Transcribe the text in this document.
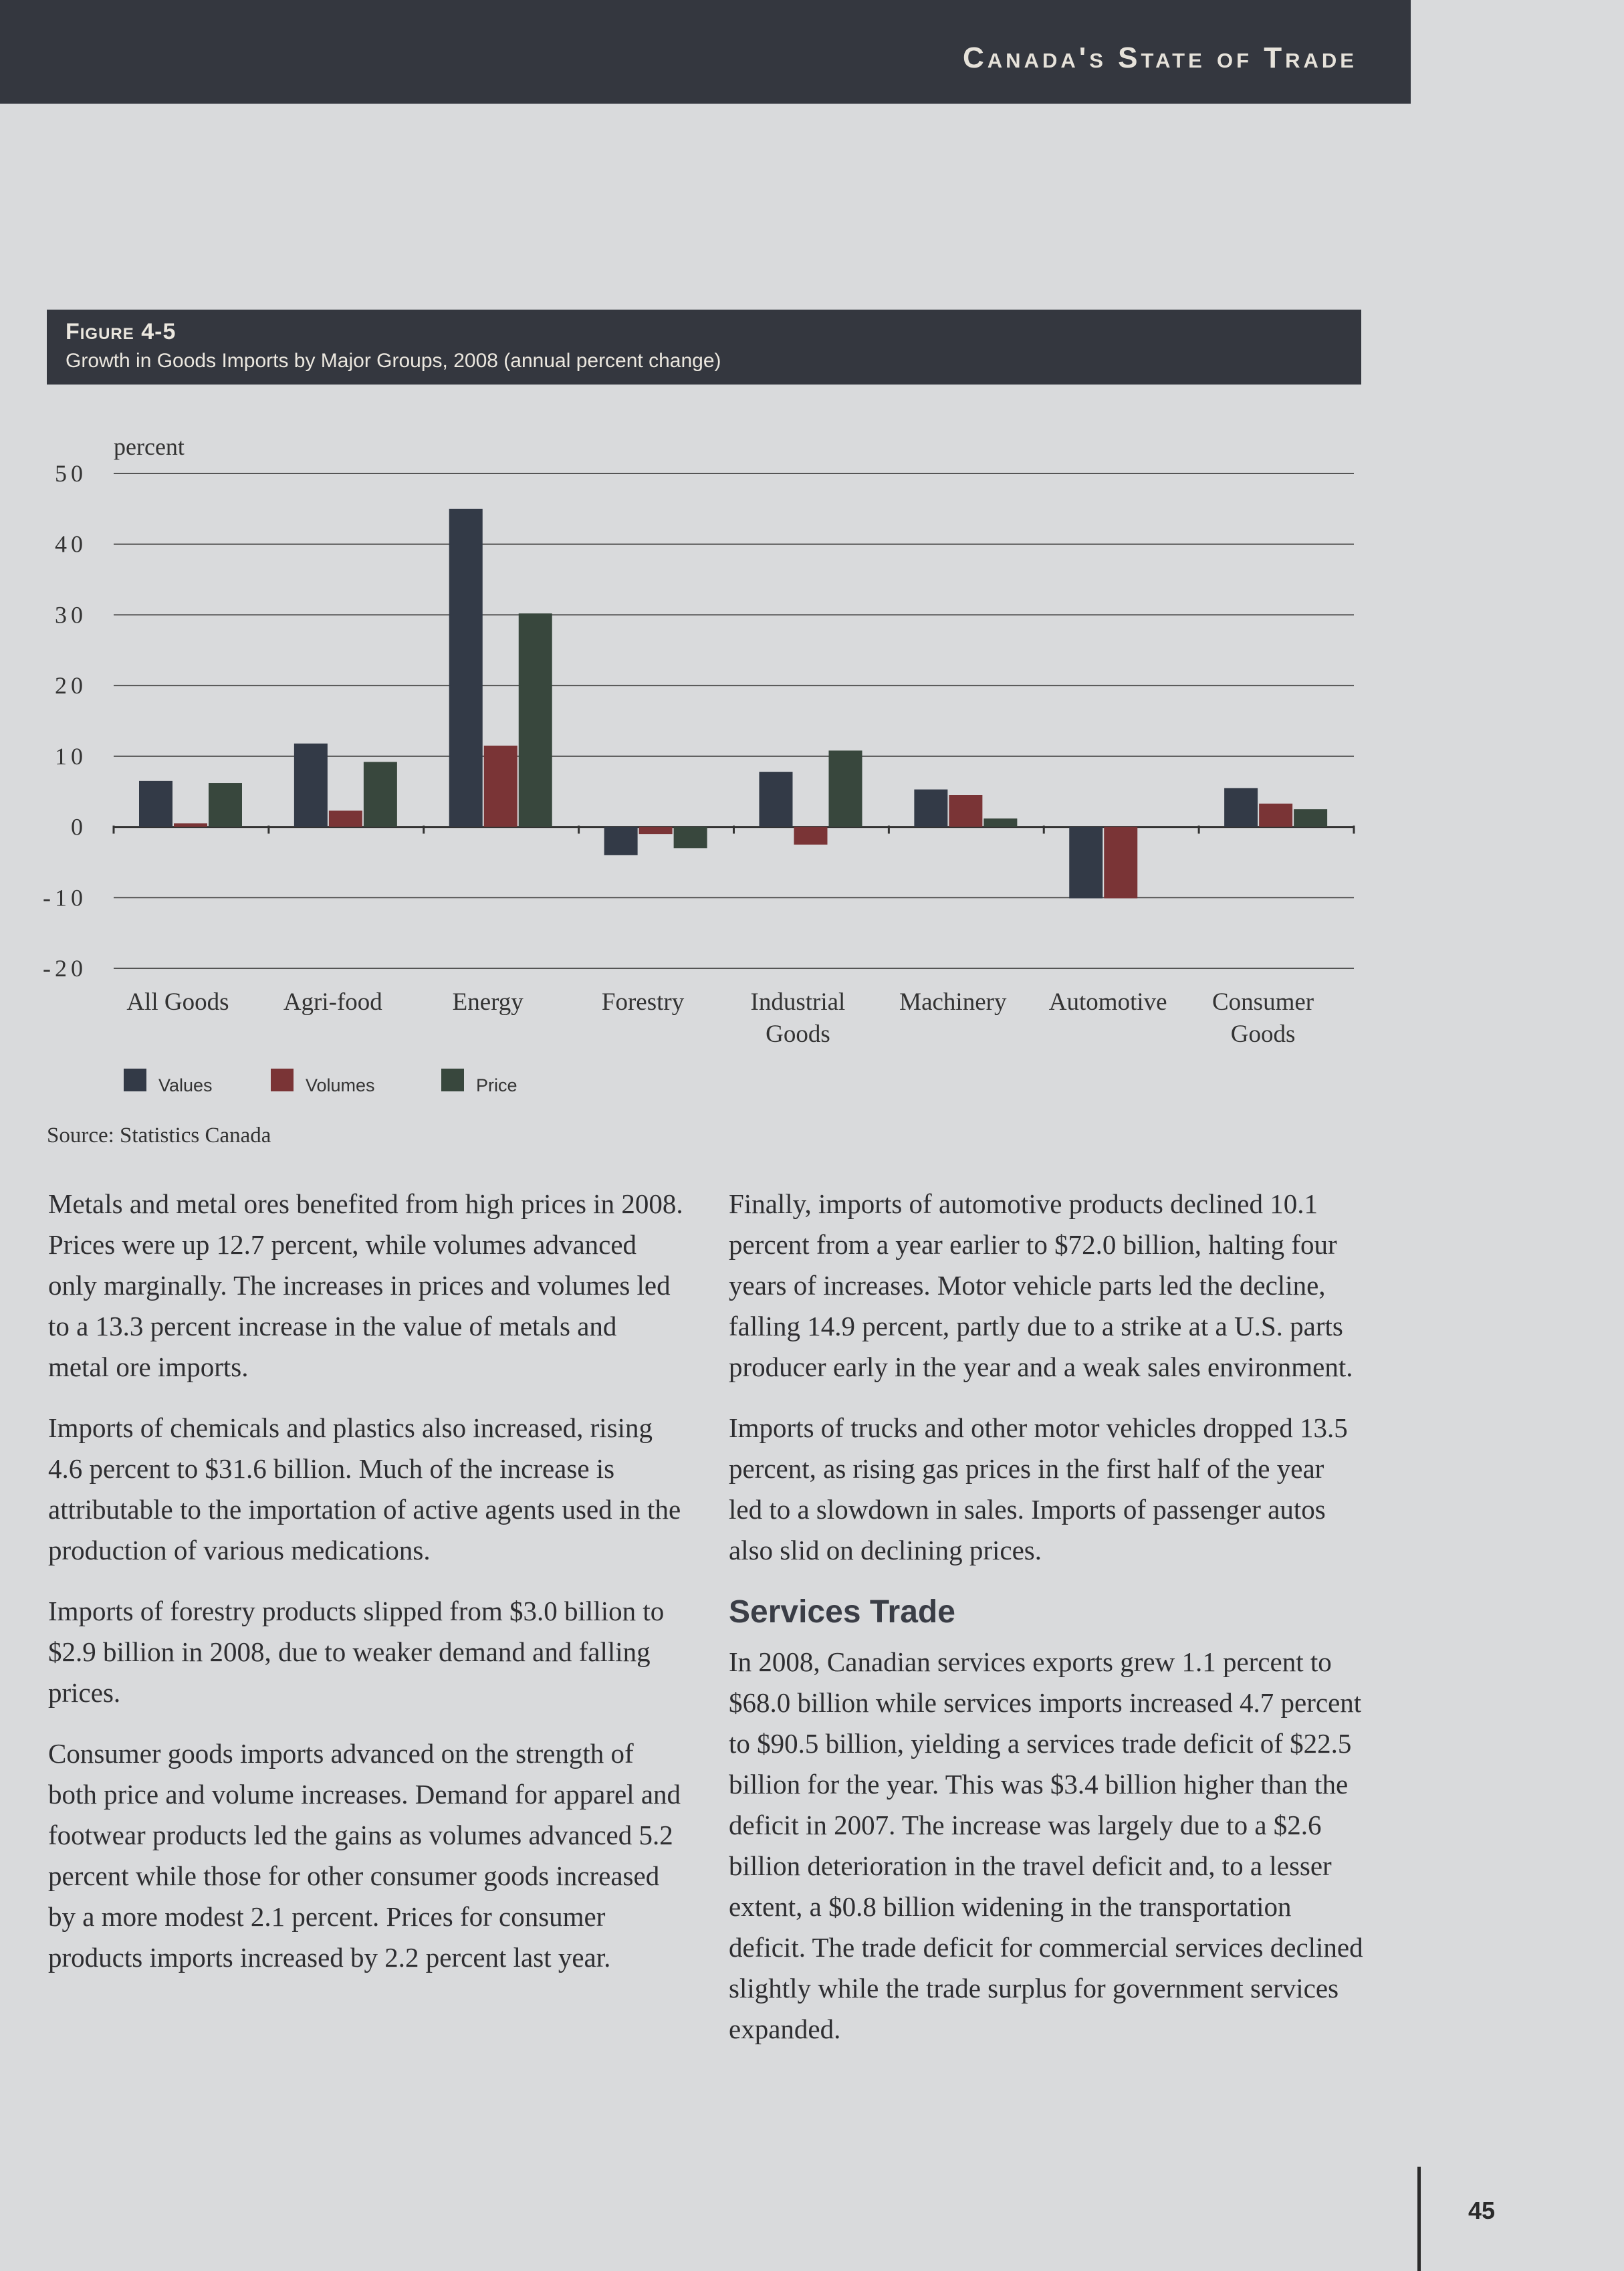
Canada's State of Trade
Figure 4-5
Growth in Goods Imports by Major Groups, 2008 (annual percent change)
50
40
30
20
10
0
-10
-20
percent
All Goods Agri-food	Energy	Forestry	Industrial Goods
Machinery Automotive Consumer Goods
Values	Volumes	Price
Source: Statistics Canada

Metals and metal ores benefited from high prices in 2008. Prices were up 12.7 percent, while volumes advanced only marginally. The increases in prices and volumes led to a 13.3 percent increase in the value of metals and metal ore imports.

Imports of chemicals and plastics also increased, rising 4.6 percent to $31.6 billion. Much of the increase is attributable to the importation of active agents used in the production of various medications.

Imports of forestry products slipped from $3.0 billion to $2.9 billion in 2008, due to weaker demand and falling prices.

Consumer goods imports advanced on the strength of both price and volume increases. Demand for apparel and footwear products led the gains as volumes advanced 5.2 percent while those for other consumer goods increased by a more modest 2.1 percent. Prices for consumer products imports increased by 2.2 percent last year.

Finally, imports of automotive products declined 10.1 percent from a year earlier to $72.0 billion, halting four years of increases. Motor vehicle parts led the decline, falling 14.9 percent, partly due to a strike at a U.S. parts producer early in the year and a weak sales environment.

Imports of trucks and other motor vehicles dropped 13.5 percent, as rising gas prices in the first half of the year led to a slowdown in sales. Imports of passenger autos also slid on declining prices.

Services Trade

In 2008, Canadian services exports grew 1.1 percent to $68.0 billion while services imports increased 4.7 percent to $90.5 billion, yielding a services trade deficit of $22.5 billion for the year. This was $3.4 billion higher than the deficit in 2007. The increase was largely due to a $2.6 billion deterioration in the travel deficit and, to a lesser extent, a $0.8 billion widening in the transportation deficit. The trade deficit for commercial services declined slightly while the trade surplus for government services expanded.

45
